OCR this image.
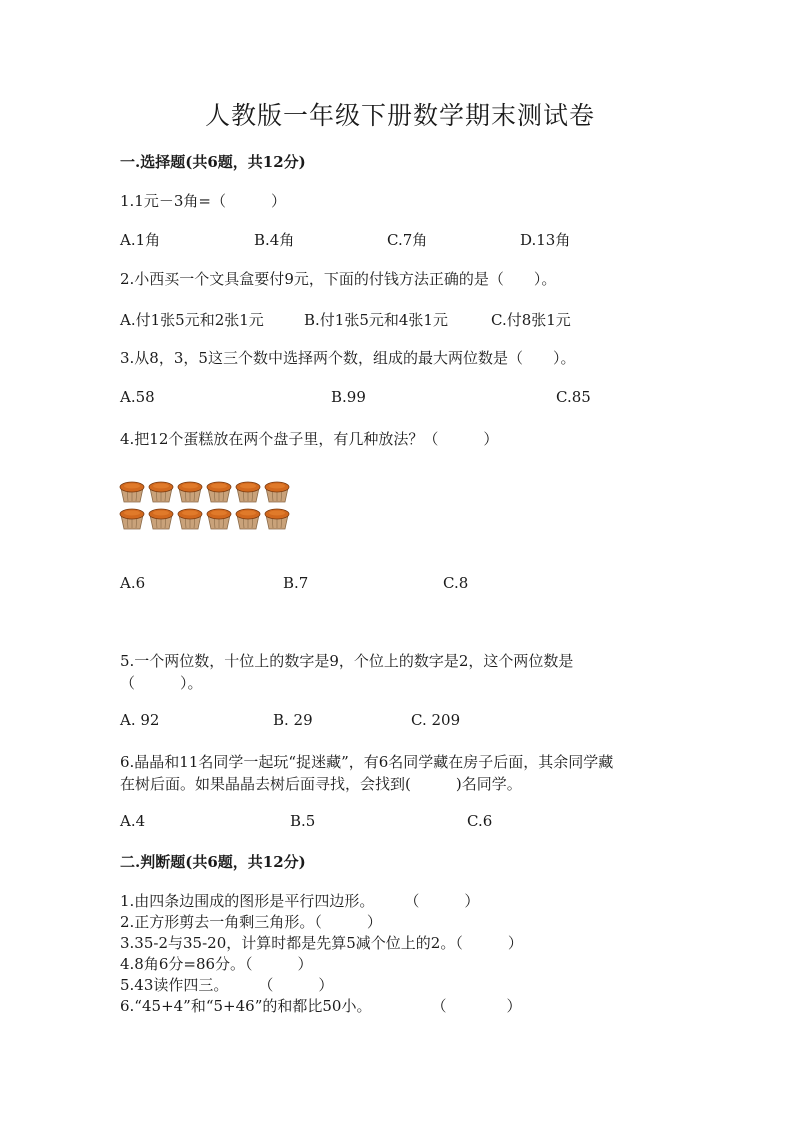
人教版一年级下册数学期末测试卷
一.选择题(共6题，共12分)
1.1元－3角=（　　　）
A.1角	B.4角	C.7角	D.13角
2.小西买一个文具盒要付9元，下面的付钱方法正确的是（　　）。
A.付1张5元和2张1元	B.付1张5元和4张1元	C.付8张1元
3.从8，3，5这三个数中选择两个数，组成的最大两位数是（　　）。
A.58	B.99	C.85
4.把12个蛋糕放在两个盘子里，有几种放法？（　　　）
A.6	B.7	C.8
5.一个两位数，十位上的数字是9，个位上的数字是2，这个两位数是
（　　　）。
A. 92	B. 29	C. 209
6.晶晶和11名同学一起玩“捉迷藏”，有6名同学藏在房子后面，其余同学藏
在树后面。如果晶晶去树后面寻找，会找到(　　　)名同学。
A.4	B.5	C.6
二.判断题(共6题，共12分)
1.由四条边围成的图形是平行四边形。　　　（　　　）
2.正方形剪去一角剩三角形。（　　　）
3.35-2与35-20，计算时都是先算5减个位上的2。（　　　）
4.8角6分=86分。（　　　）
5.43读作四三。　　　（　　　）
6.“45+4”和“5+46”的和都比50小。　　　　　（　　　　）
